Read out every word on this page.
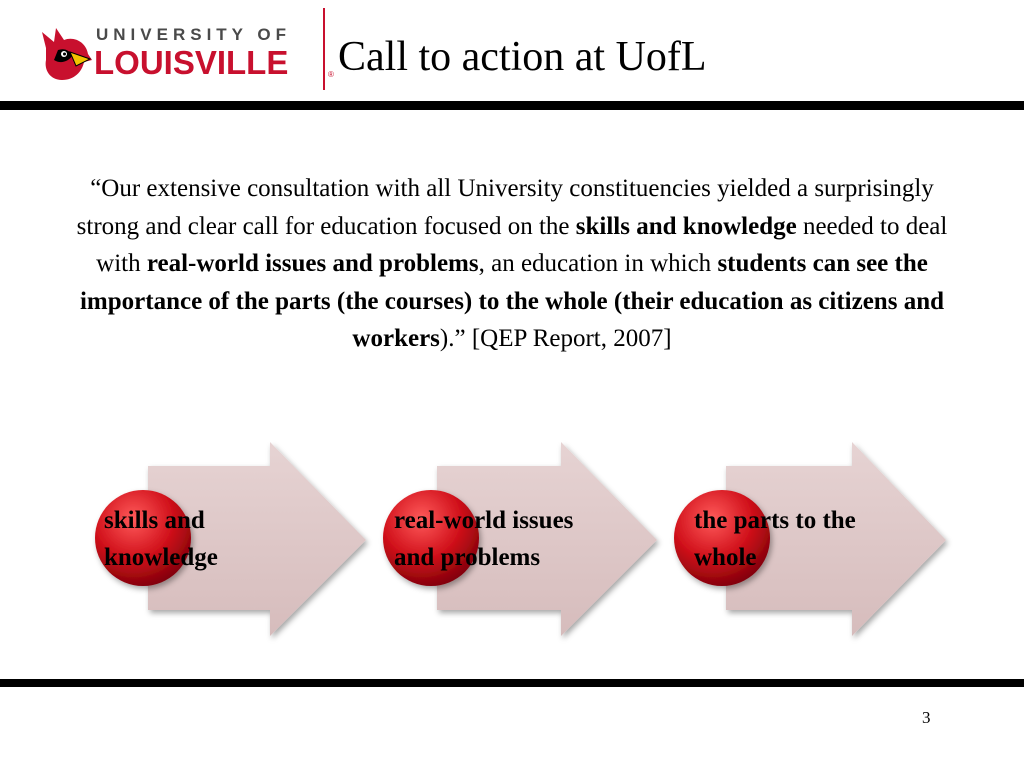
UNIVERSITY OF
LOUISVILLE	® Call to action at UofL
“Our extensive consultation with all University constituencies yielded a surprisingly strong and clear call for education focused on the skills and knowledge needed to deal with real-world issues and problems, an education in which students can see the importance of the parts (the courses) to the whole (their education as citizens and workers).” [QEP Report, 2007]
skills and
knowledge
real-world issues
and problems
the parts to the
whole
3
